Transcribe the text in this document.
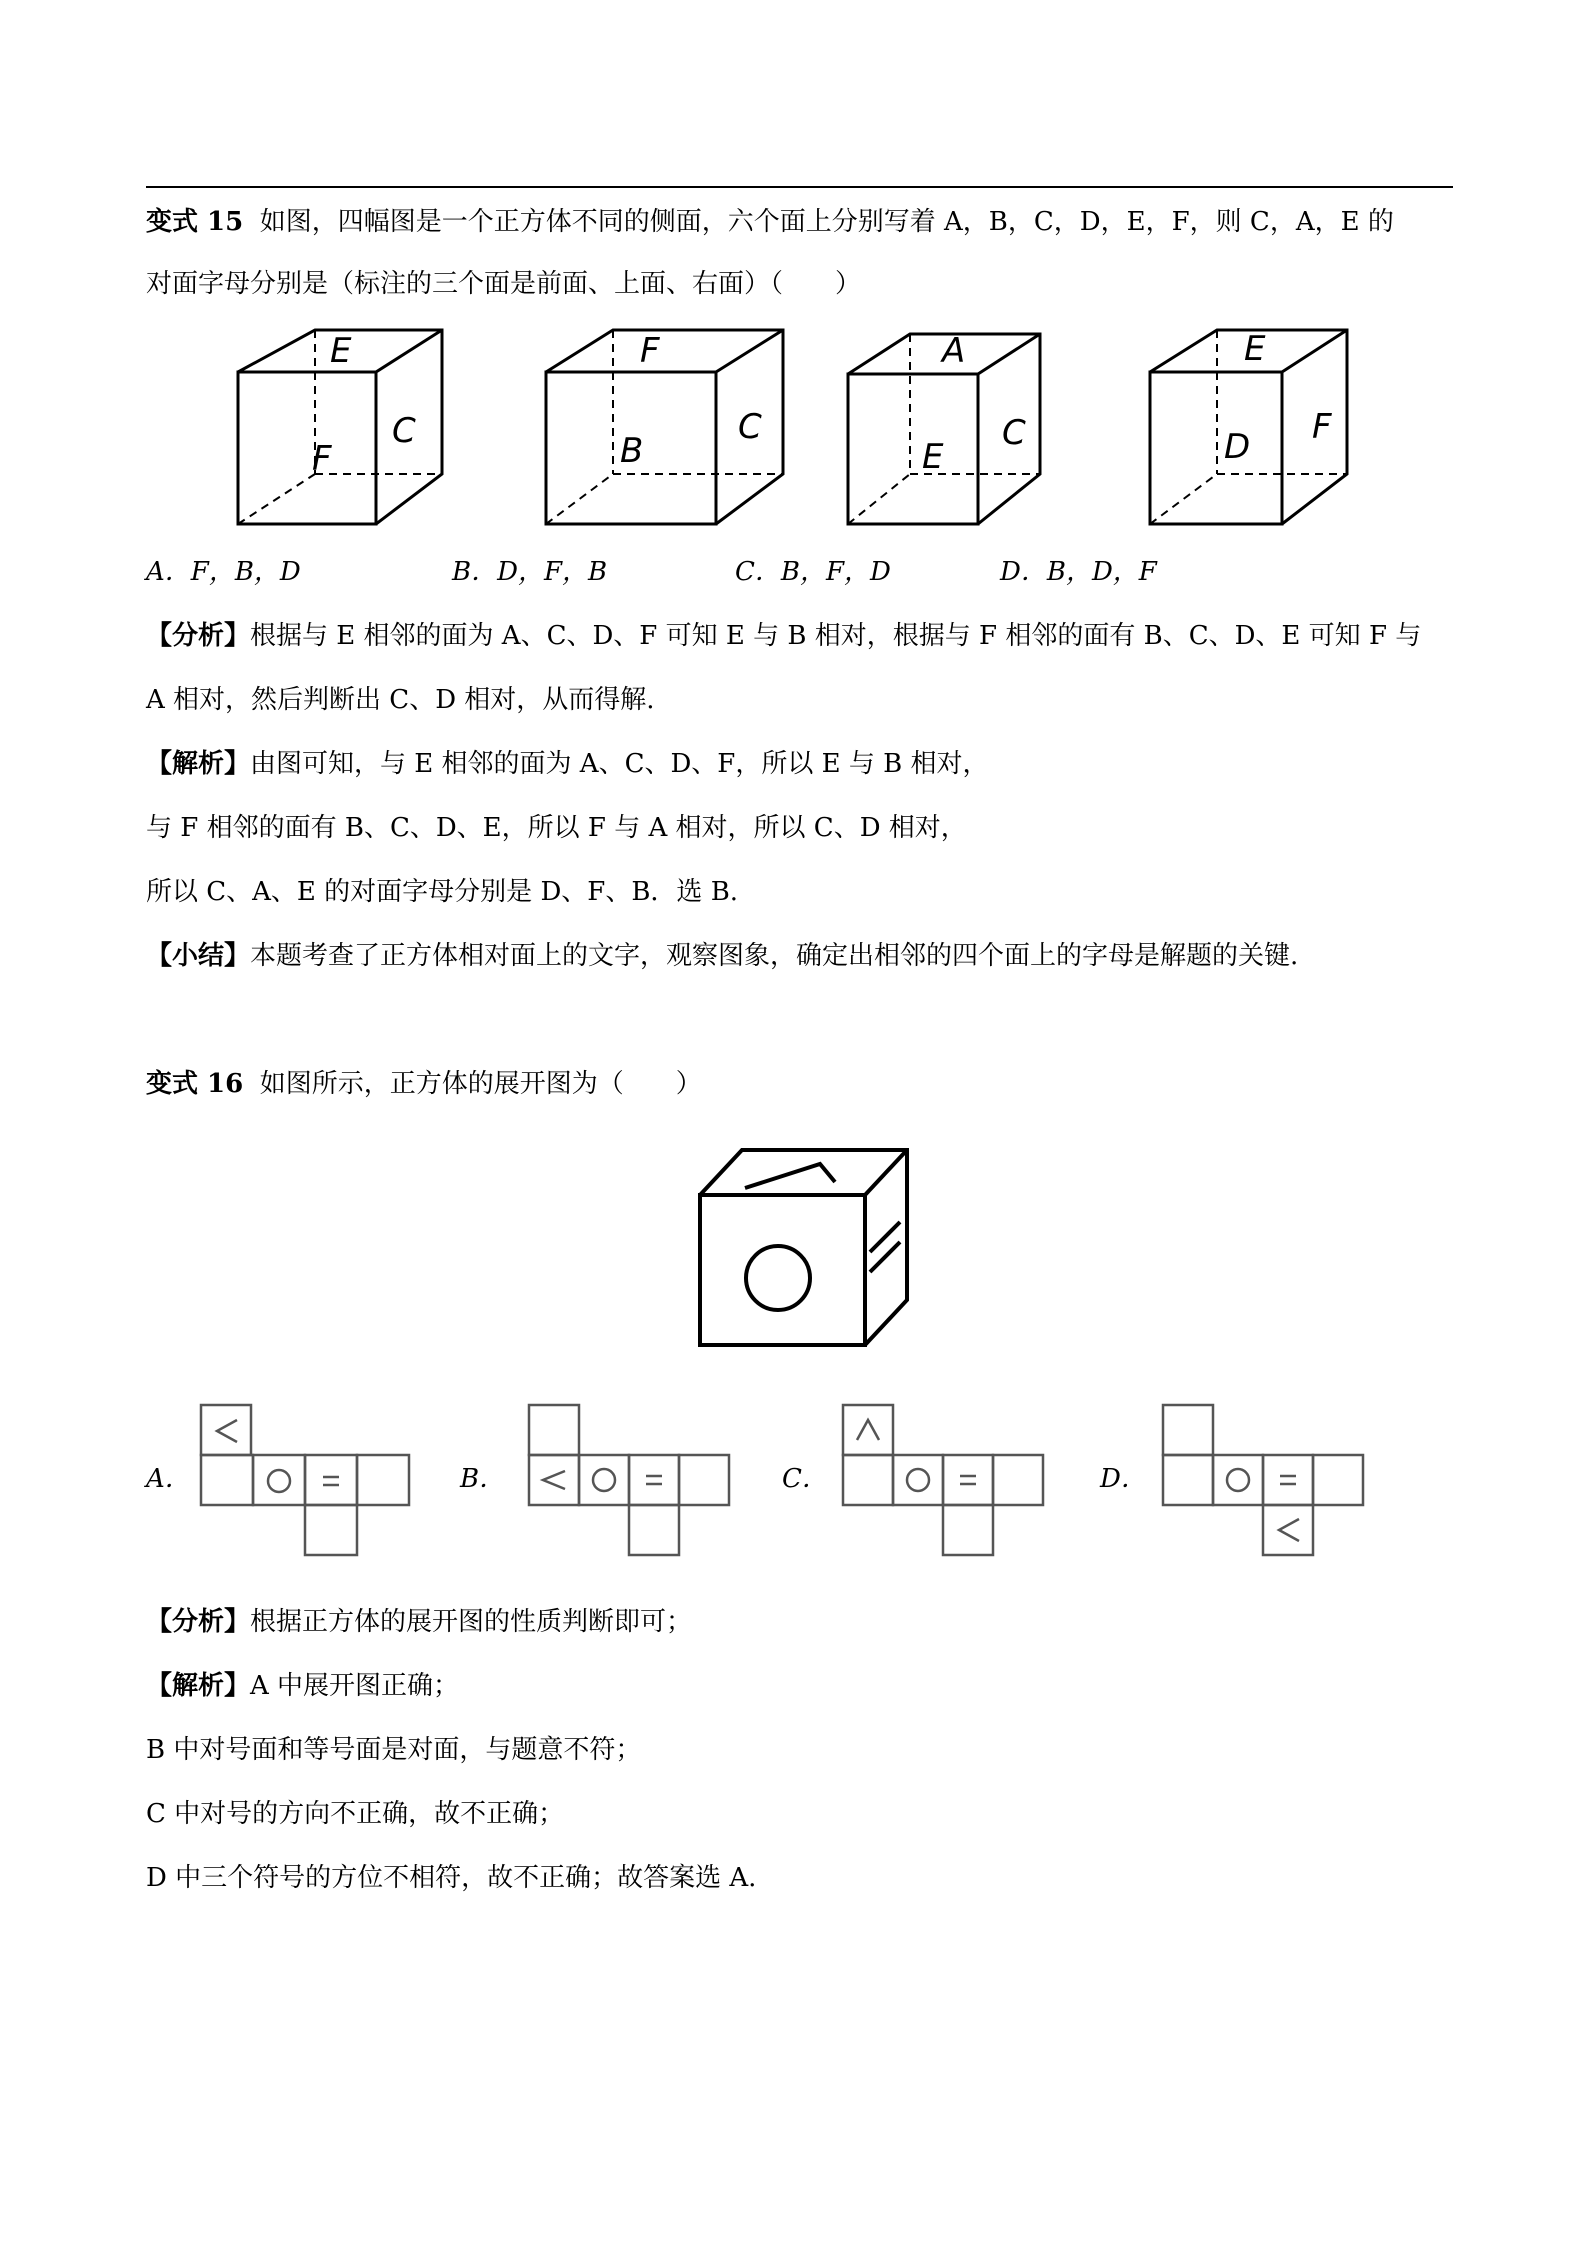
变式 15 如图，四幅图是一个正方体不同的侧面，六个面上分别写着 A，B，C，D，E，F，则 C，A，E 的
对面字母分别是（标注的三个面是前面、上面、右面）（　　）
E
F
C
F
B
C
A
E
C
E
D F
A．F，B，D	B．D，F，B	C．B，F，D	D．B，D，F
【分析】根据与 E 相邻的面为 A、C、D、F 可知 E 与 B 相对，根据与 F 相邻的面有 B、C、D、E 可知 F 与
A 相对，然后判断出 C、D 相对，从而得解.
【解析】由图可知，与 E 相邻的面为 A、C、D、F，所以 E 与 B 相对，
与 F 相邻的面有 B、C、D、E，所以 F 与 A 相对，所以 C、D 相对，
所以 C、A、E 的对面字母分别是 D、F、B．选 B.
【小结】本题考查了正方体相对面上的文字，观察图象，确定出相邻的四个面上的字母是解题的关键.
变式 16 如图所示，正方体的展开图为（　　）
A．	B．	C．	D．
【分析】根据正方体的展开图的性质判断即可；
【解析】A 中展开图正确；
B 中对号面和等号面是对面，与题意不符；
C 中对号的方向不正确，故不正确；
D 中三个符号的方位不相符，故不正确；故答案选 A.
